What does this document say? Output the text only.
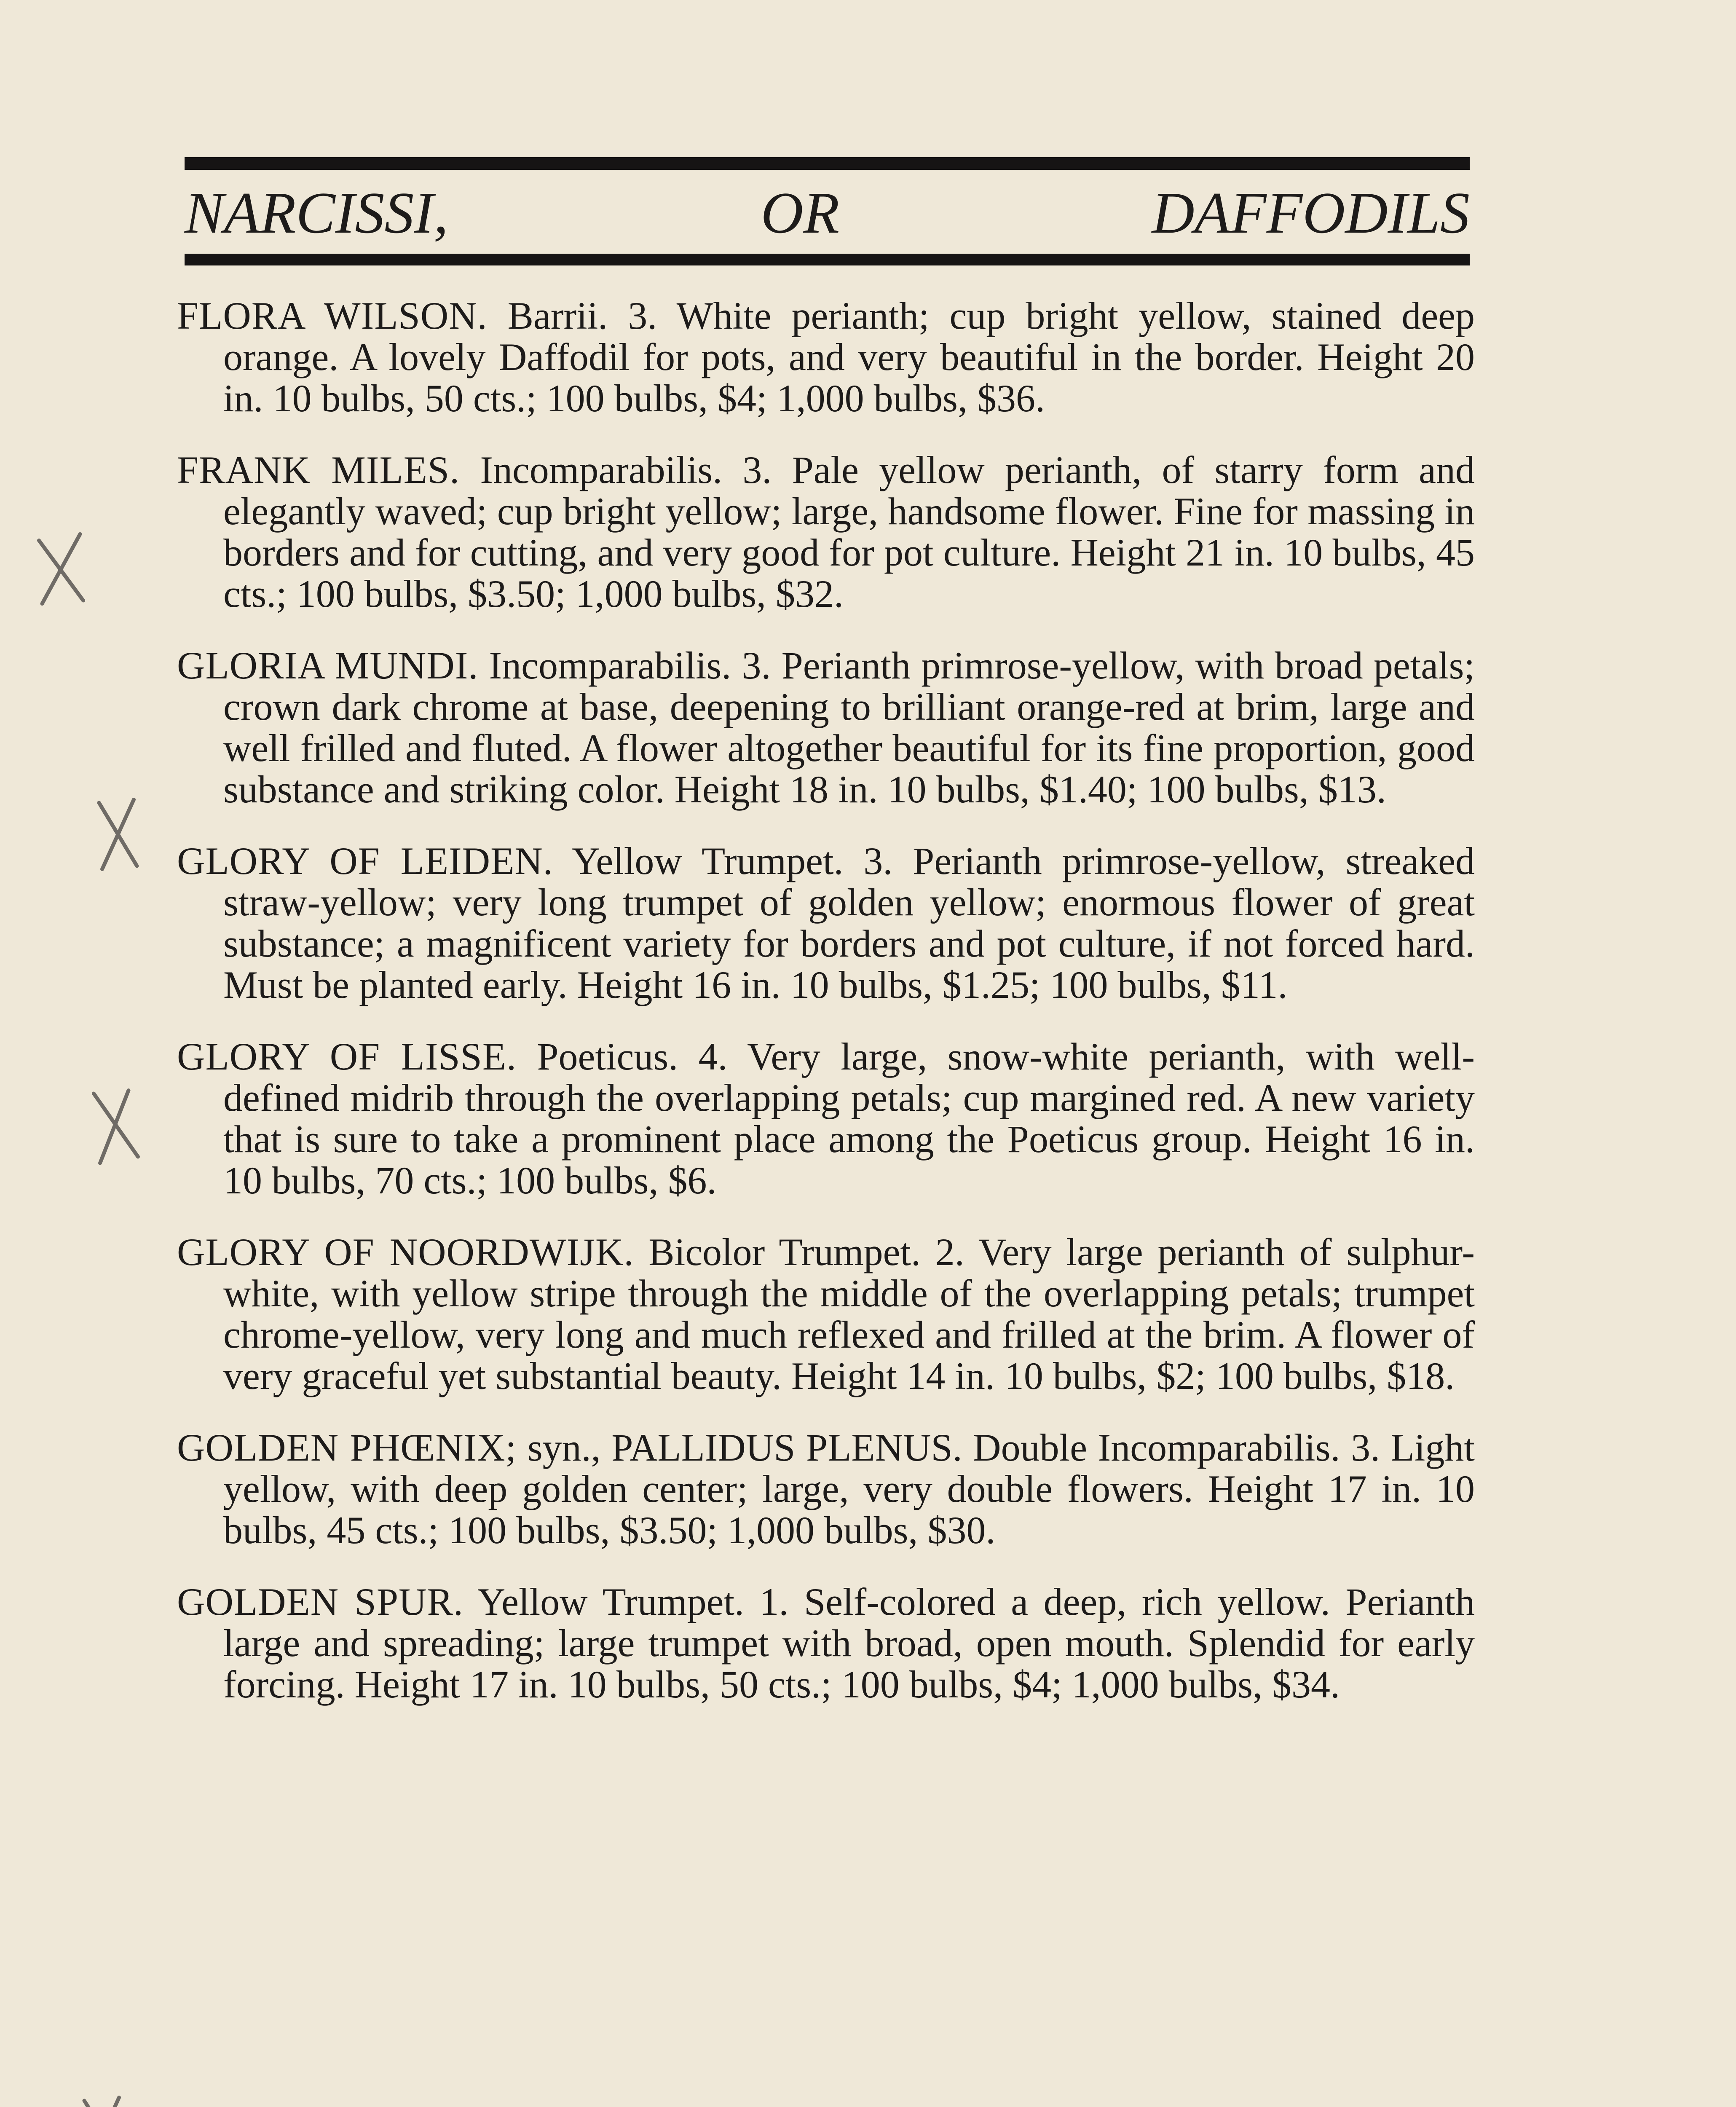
NARCISSI,	OR	DAFFODILS

FLORA WILSON. Barrii. 3. White perianth; cup bright yellow, stained deep orange. A lovely Daffodil for pots, and very beautiful in the border. Height 20 in. 10 bulbs, 50 cts.; 100 bulbs, $4; 1,000 bulbs, $36.

FRANK MILES. Incomparabilis. 3. Pale yellow perianth, of starry form and elegantly waved; cup bright yellow; large, handsome flower. Fine for massing in borders and for cutting, and very good for pot culture. Height 21 in. 10 bulbs, 45 cts.; 100 bulbs, $3.50; 1,000 bulbs, $32.

GLORIA MUNDI. Incomparabilis. 3. Perianth primrose-yellow, with broad petals; crown dark chrome at base, deepening to brilliant orange-red at brim, large and well frilled and fluted. A flower altogether beautiful for its fine proportion, good substance and striking color. Height 18 in. 10 bulbs, $1.40; 100 bulbs, $13.

GLORY OF LEIDEN. Yellow Trumpet. 3. Perianth primrose-yellow, streaked straw-yellow; very long trumpet of golden yellow; enormous flower of great substance; a magnificent variety for borders and pot culture, if not forced hard. Must be planted early. Height 16 in. 10 bulbs, $1.25; 100 bulbs, $11.

GLORY OF LISSE. Poeticus. 4. Very large, snow-white perianth, with well-defined midrib through the overlapping petals; cup margined red. A new variety that is sure to take a prominent place among the Poeticus group. Height 16 in. 10 bulbs, 70 cts.; 100 bulbs, $6.

GLORY OF NOORDWIJK. Bicolor Trumpet. 2. Very large perianth of sulphur-white, with yellow stripe through the middle of the overlapping petals; trumpet chrome-yellow, very long and much reflexed and frilled at the brim. A flower of very graceful yet substantial beauty. Height 14 in. 10 bulbs, $2; 100 bulbs, $18.

GOLDEN PHŒNIX; syn., PALLIDUS PLENUS. Double Incomparabilis. 3. Light yellow, with deep golden center; large, very double flowers. Height 17 in. 10 bulbs, 45 cts.; 100 bulbs, $3.50; 1,000 bulbs, $30.

GOLDEN SPUR. Yellow Trumpet. 1. Self-colored a deep, rich yellow. Perianth large and spreading; large trumpet with broad, open mouth. Splendid for early forcing. Height 17 in. 10 bulbs, 50 cts.; 100 bulbs, $4; 1,000 bulbs, $34.
